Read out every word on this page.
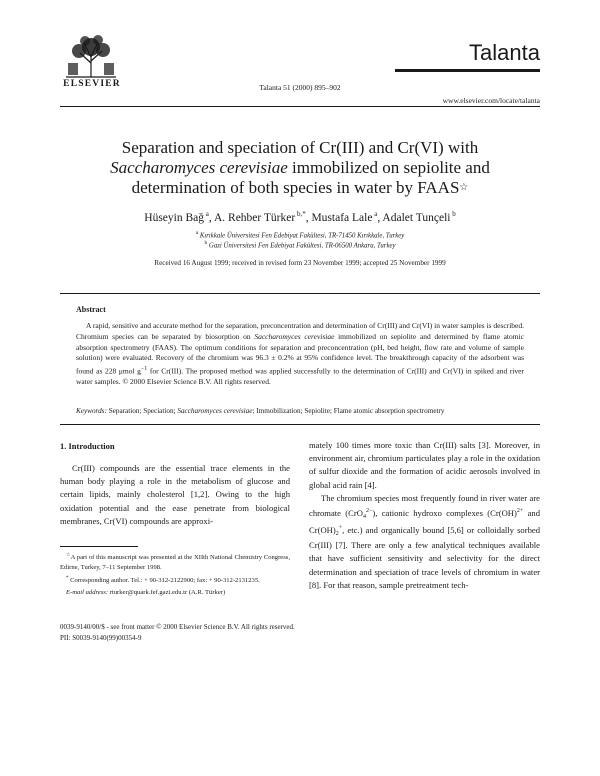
ELSEVIER	Talanta 51 (2000) 895–902
Talanta
www.elsevier.com/locate/talanta
Separation and speciation of Cr(III) and Cr(VI) with
Saccharomyces cerevisiae immobilized on sepiolite and
determination of both species in water by FAAS☆
Hüseyin Bağ $^a$, A. Rehber Türker $^{b,*}$, Mustafa Lale $^a$, Adalet Tunçeli $^b$
$^a$ Kırıkkale Üniversitesi Fen Edebiyat Fakültesi, TR-71450 Kırıkkale, Turkey
$^b$ Gazi Üniversitesi Fen Edebiyat Fakültesi, TR-06500 Ankara, Turkey
Received 16 August 1999; received in revised form 23 November 1999; accepted 25 November 1999
Abstract
A rapid, sensitive and accurate method for the separation, preconcentration and determination of Cr(III) and Cr(VI) in water samples is described. Chromium species can be separated by biosorption on Saccharomyces cerevisiae immobilized on sepiolite and determined by flame atomic absorption spectrometry (FAAS). The optimum conditions for separation and preconcentration (pH, bed height, flow rate and volume of sample solution) were evaluated. Recovery of the chromium was 96.3 ± 0.2% at 95% confidence level. The breakthrough capacity of the adsorbent was found as 228 μmol $g^{-1}$ for Cr(III). The proposed method was applied successfully to the determination of Cr(III) and Cr(VI) in spiked and river water samples. © 2000 Elsevier Science B.V. All rights reserved.
Keywords: Separation; Speciation; Saccharomyces cerevisiae; Immobilization; Sepiolite; Flame atomic absorption spectrometry
1. Introduction
Cr(III) compounds are the essential trace elements in the human body playing a role in the metabolism of glucose and certain lipids, mainly cholesterol [1,2]. Owing to the high oxidation potential and the ease penetrate from biological membranes, Cr(VI) compounds are approxi-

mately 100 times more toxic than Cr(III) salts [3]. Moreover, in environment air, chromium particulates play a role in the oxidation of sulfur dioxide and the formation of acidic aerosols involved in global acid rain [4].

The chromium species most frequently found in river water are chromate (CrO$_4^{2-}$), cationic hydroxo complexes (Cr(OH)$^{2+}$ and $Cr(OH)_2^+$, etc.) and organically bound [5,6] or colloidally sorbed Cr(III) [7]. There are only a few analytical techniques available that have sufficient sensitivity and selectivity for the direct determination and speciation of trace levels of chromium in water [8]. For that reason, sample pretreatment tech-

☆A part of this manuscript was presented at the XIIth National Chemistry Congress, Edirne, Turkey, 7–11 September 1998.

* Corresponding author. Tel.: + 90-312-2122900; fax: + 90-312-2131235.

E-mail address: rturker@quark.fef.gazi.edu.tr (A.R. Türker)

0039-9140/00/$ - see front matter © 2000 Elsevier Science B.V. All rights reserved.
PII: S0039-9140(99)00354-9
